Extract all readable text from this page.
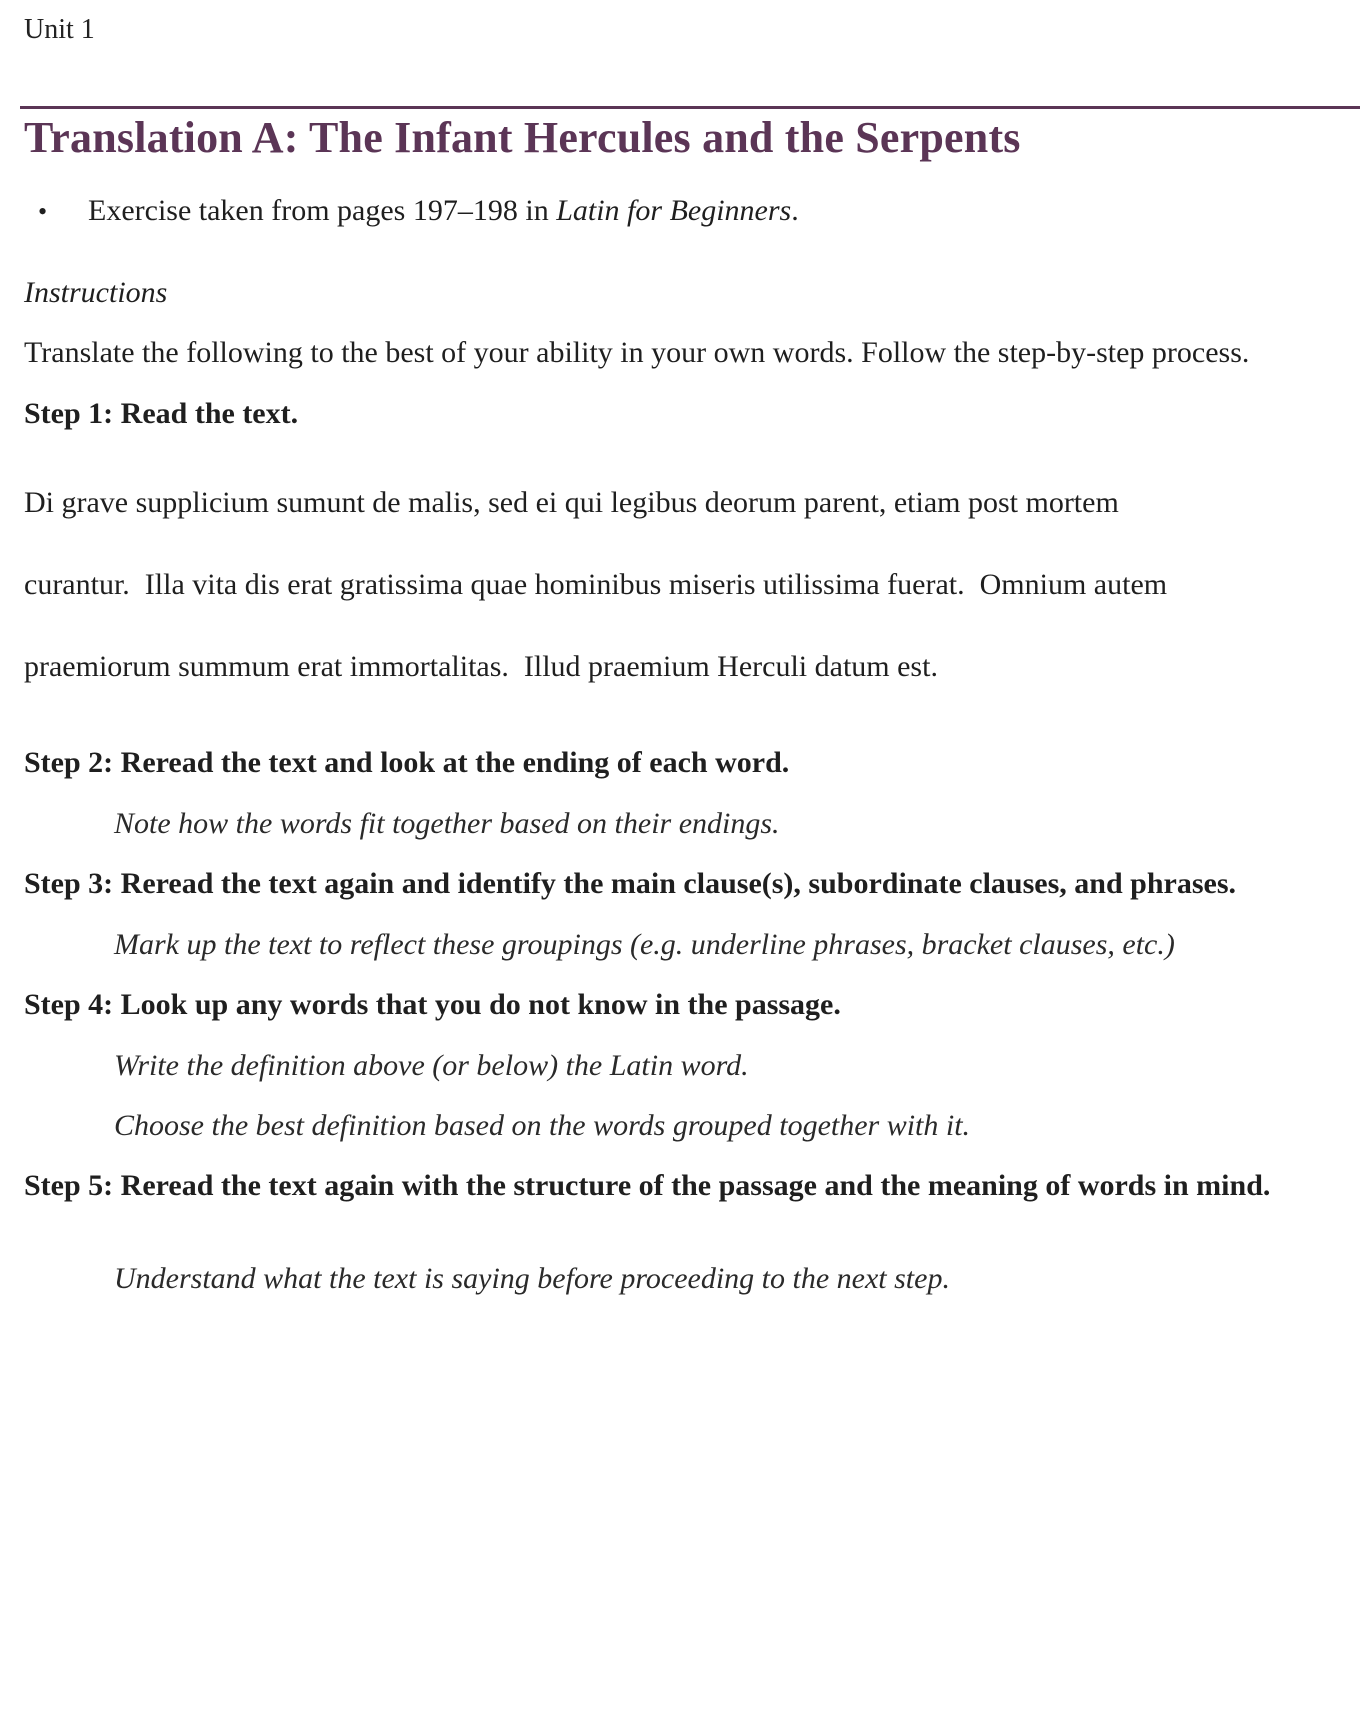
Unit 1
Translation A: The Infant Hercules and the Serpents
•	Exercise taken from pages 197–198 in Latin for Beginners.
Instructions
Translate the following to the best of your ability in your own words. Follow the step-by-step process.
Step 1: Read the text.
Di grave supplicium sumunt de malis, sed ei qui legibus deorum parent, etiam post mortem
curantur.  Illa vita dis erat gratissima quae hominibus miseris utilissima fuerat.  Omnium autem
praemiorum summum erat immortalitas.  Illud praemium Herculi datum est.
Step 2: Reread the text and look at the ending of each word.
Note how the words fit together based on their endings.
Step 3: Reread the text again and identify the main clause(s), subordinate clauses, and phrases.
Mark up the text to reflect these groupings (e.g. underline phrases, bracket clauses, etc.)
Step 4: Look up any words that you do not know in the passage.
Write the definition above (or below) the Latin word.
Choose the best definition based on the words grouped together with it.
Step 5: Reread the text again with the structure of the passage and the meaning of words in mind.
Understand what the text is saying before proceeding to the next step.
